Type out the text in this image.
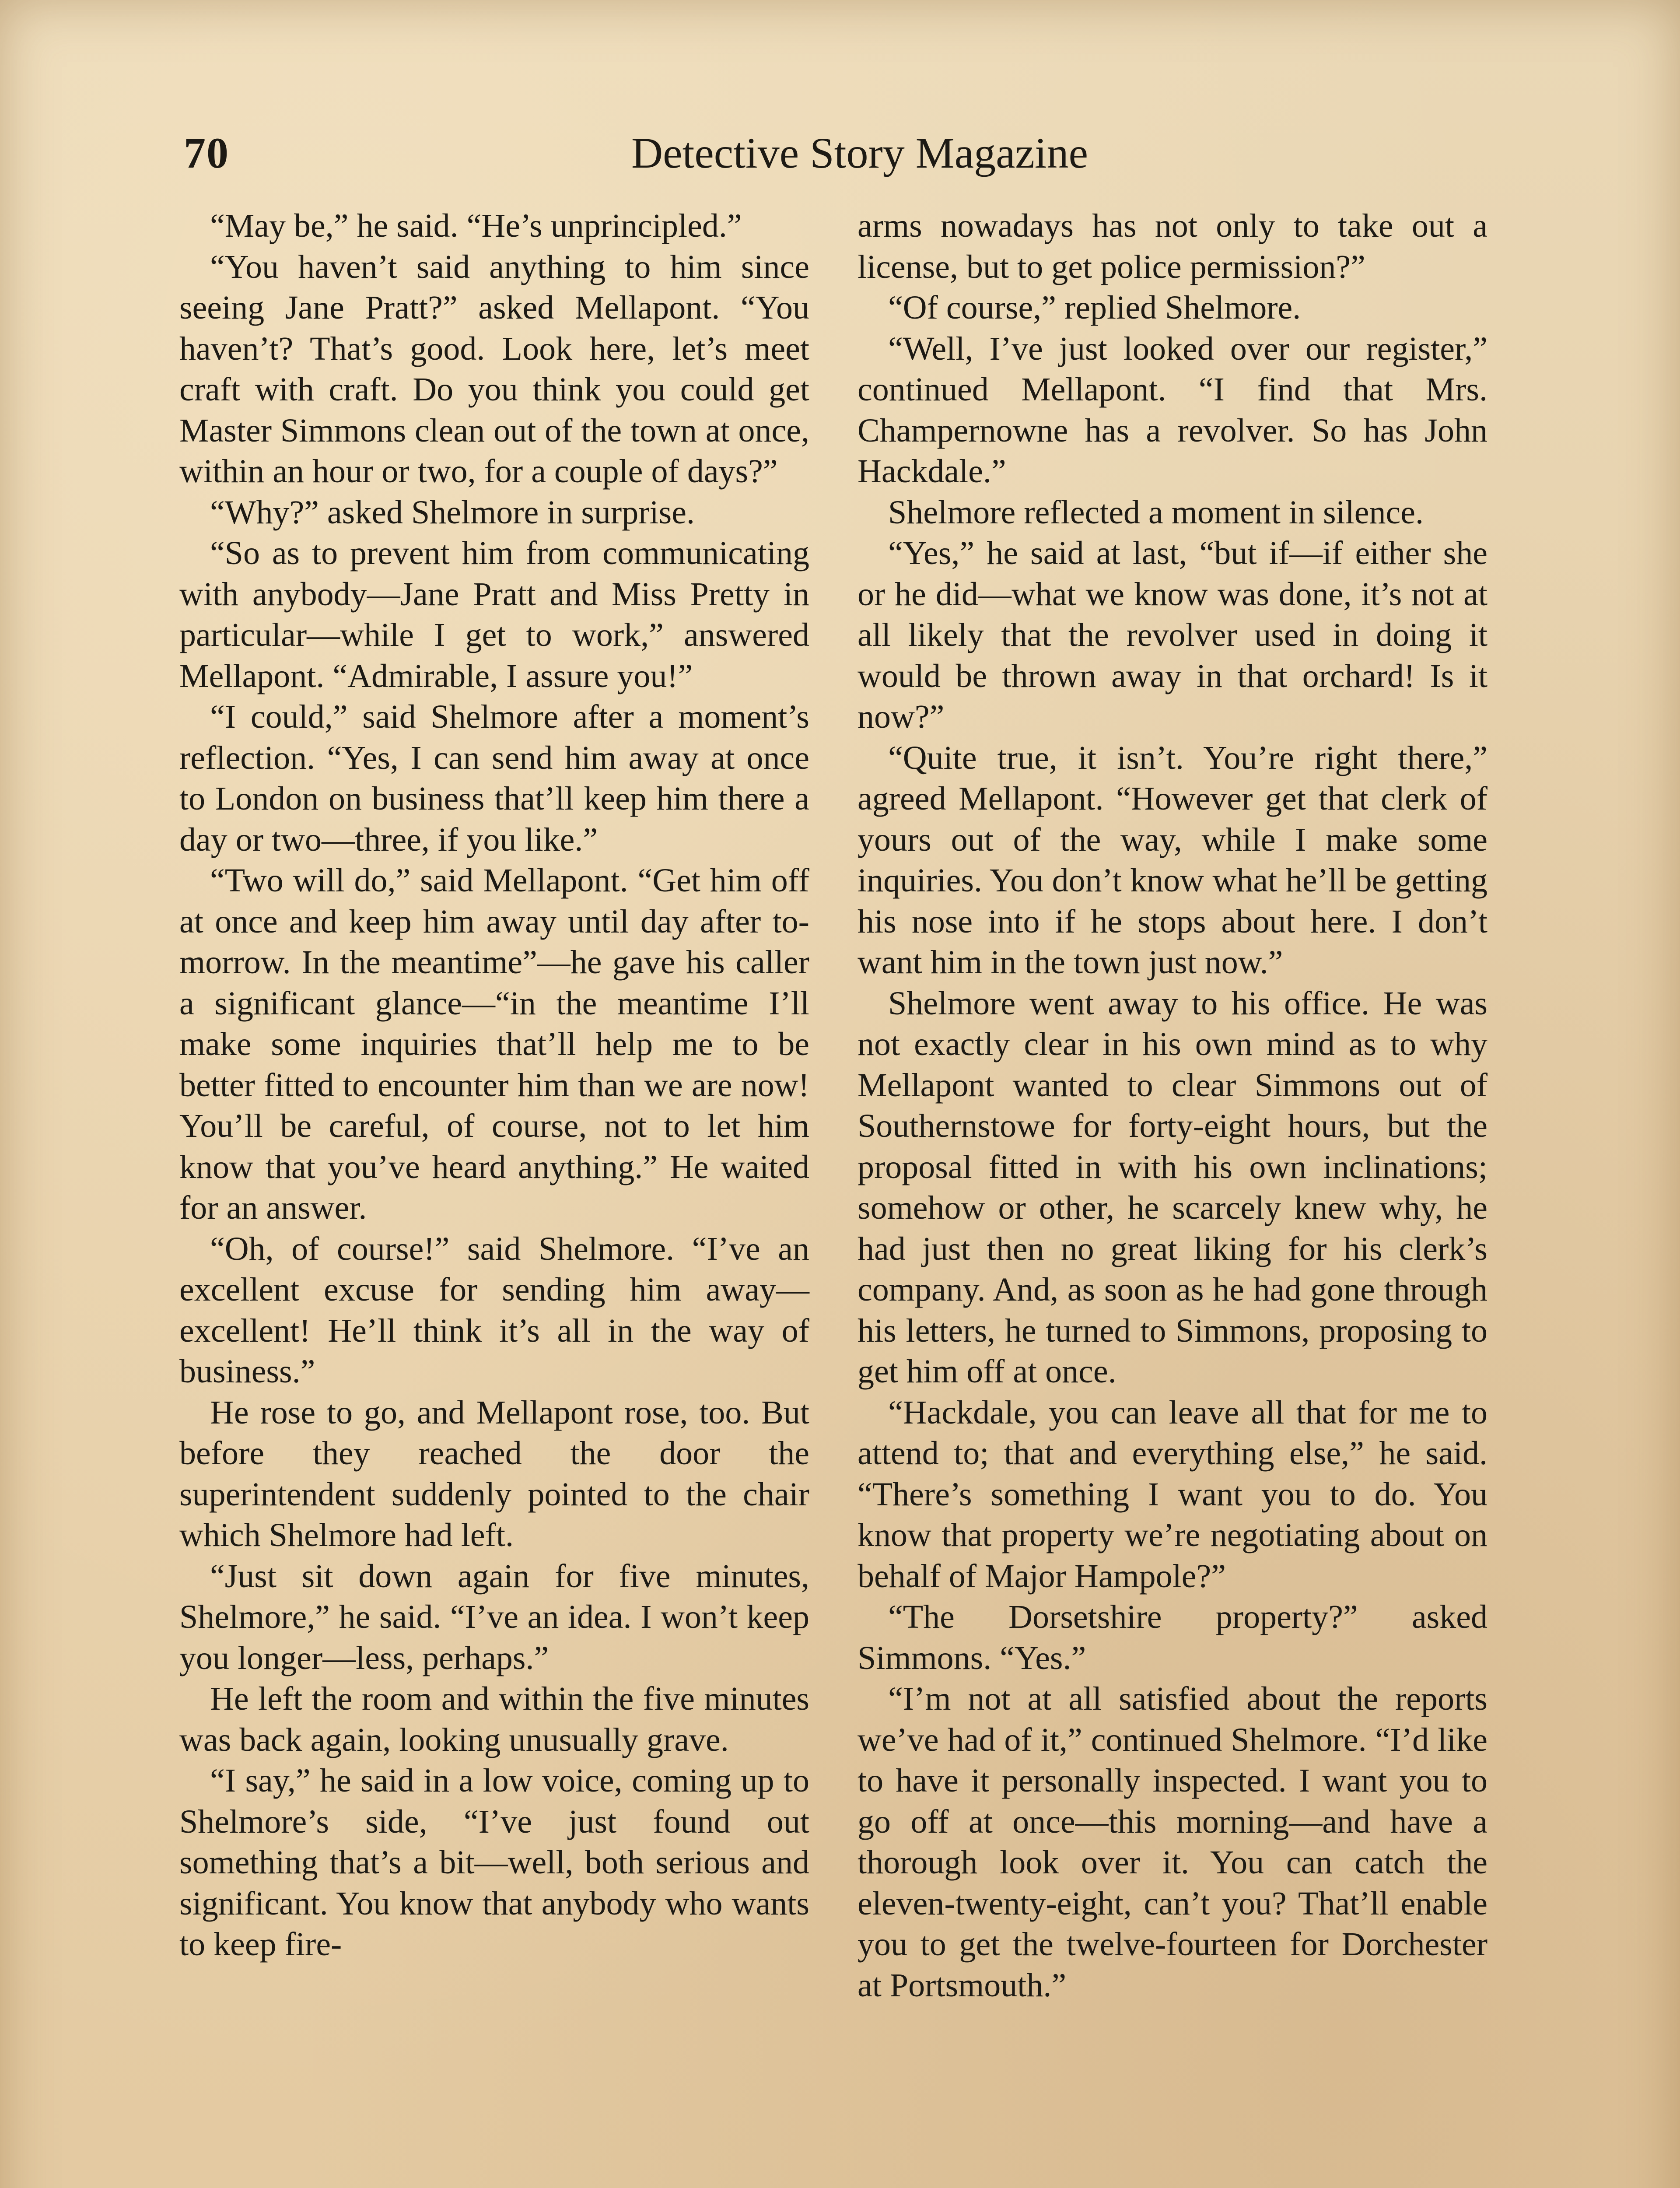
70	Detective Story Magazine

“May be,” he said. “He’s unprincipled.”

“You haven’t said anything to him since seeing Jane Pratt?” asked Mellapont. “You haven’t? That’s good. Look here, let’s meet craft with craft. Do you think you could get Master Simmons clean out of the town at once, within an hour or two, for a couple of days?”

“Why?” asked Shelmore in surprise.

“So as to prevent him from communicating with anybody—Jane Pratt and Miss Pretty in particular—while I get to work,” answered Mellapont. “Admirable, I assure you!”

“I could,” said Shelmore after a moment’s reflection. “Yes, I can send him away at once to London on business that’ll keep him there a day or two—three, if you like.”

“Two will do,” said Mellapont. “Get him off at once and keep him away until day after to-morrow. In the meantime”—he gave his caller a significant glance—“in the meantime I’ll make some inquiries that’ll help me to be better fitted to encounter him than we are now! You’ll be careful, of course, not to let him know that you’ve heard anything.” He waited for an answer.

“Oh, of course!” said Shelmore. “I’ve an excellent excuse for sending him away—excellent! He’ll think it’s all in the way of business.”

He rose to go, and Mellapont rose, too. But before they reached the door the superintendent suddenly pointed to the chair which Shelmore had left.

“Just sit down again for five minutes, Shelmore,” he said. “I’ve an idea. I won’t keep you longer—less, perhaps.”

He left the room and within the five minutes was back again, looking unusually grave.

“I say,” he said in a low voice, coming up to Shelmore’s side, “I’ve just found out something that’s a bit—well, both serious and significant. You know that anybody who wants to keep fire-

arms nowadays has not only to take out a license, but to get police permission?”

“Of course,” replied Shelmore.

“Well, I’ve just looked over our register,” continued Mellapont. “I find that Mrs. Champernowne has a revolver. So has John Hackdale.”

Shelmore reflected a moment in silence.

“Yes,” he said at last, “but if—if either she or he did—what we know was done, it’s not at all likely that the revolver used in doing it would be thrown away in that orchard! Is it now?”

“Quite true, it isn’t. You’re right there,” agreed Mellapont. “However get that clerk of yours out of the way, while I make some inquiries. You don’t know what he’ll be getting his nose into if he stops about here. I don’t want him in the town just now.”

Shelmore went away to his office. He was not exactly clear in his own mind as to why Mellapont wanted to clear Simmons out of Southernstowe for forty-eight hours, but the proposal fitted in with his own inclinations; somehow or other, he scarcely knew why, he had just then no great liking for his clerk’s company. And, as soon as he had gone through his letters, he turned to Simmons, proposing to get him off at once.

“Hackdale, you can leave all that for me to attend to; that and everything else,” he said. “There’s something I want you to do. You know that property we’re negotiating about on behalf of Major Hampole?”

“The Dorsetshire property?” asked Simmons. “Yes.”

“I’m not at all satisfied about the reports we’ve had of it,” continued Shelmore. “I’d like to have it personally inspected. I want you to go off at once—this morning—and have a thorough look over it. You can catch the eleven-twenty-eight, can’t you? That’ll enable you to get the twelve-fourteen for Dorchester at Portsmouth.”
